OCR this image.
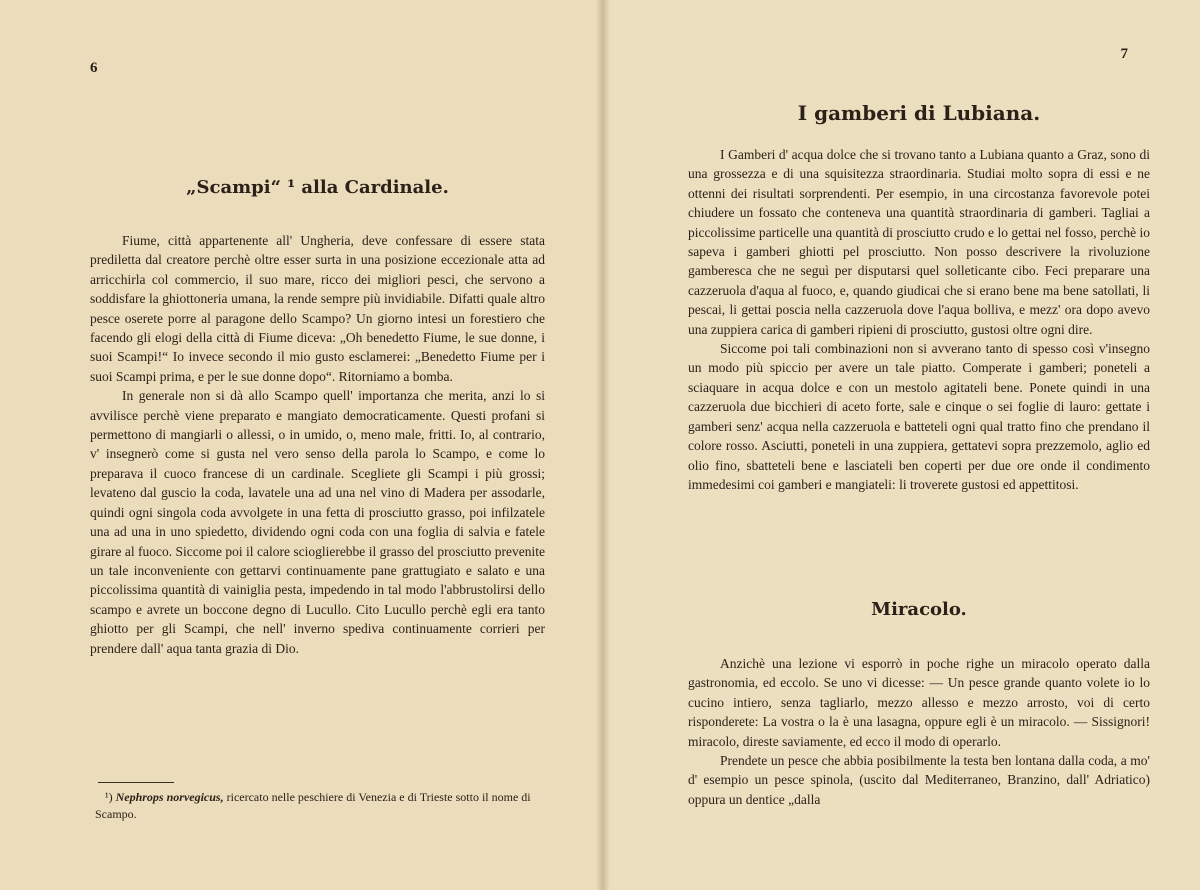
6
„Scampi“ ¹ alla Cardinale.

Fiume, città appartenente all' Ungheria, deve confessare di essere stata prediletta dal creatore perchè oltre esser surta in una posizione eccezionale atta ad arricchirla col commercio, il suo mare, ricco dei migliori pesci, che servono a soddisfare la ghiottoneria umana, la rende sempre più invidiabile. Difatti quale altro pesce oserete porre al paragone dello Scampo? Un giorno intesi un forestiero che facendo gli elogi della città di Fiume diceva: „Oh benedetto Fiume, le sue donne, i suoi Scampi!“ Io invece secondo il mio gusto esclamerei: „Benedetto Fiume per i suoi Scampi prima, e per le sue donne dopo“. Ritorniamo a bomba.

In generale non si dà allo Scampo quell' importanza che merita, anzi lo si avvilisce perchè viene preparato e mangiato democraticamente. Questi profani si permettono di mangiarli o allessi, o in umido, o, meno male, fritti. Io, al contrario, v' insegnerò come si gusta nel vero senso della parola lo Scampo, e come lo preparava il cuoco francese di un cardinale. Scegliete gli Scampi i più grossi; levateno dal guscio la coda, lavatele una ad una nel vino di Madera per assodarle, quindi ogni singola coda avvolgete in una fetta di prosciutto grasso, poi infilzatele una ad una in uno spiedetto, dividendo ogni coda con una foglia di salvia e fatele girare al fuoco. Siccome poi il calore scioglierebbe il grasso del prosciutto prevenite un tale inconveniente con gettarvi continuamente pane grattugiato e salato e una piccolissima quantità di vainiglia pesta, impedendo in tal modo l'abbrustolirsi dello scampo e avrete un boccone degno di Lucullo. Cito Lucullo perchè egli era tanto ghiotto per gli Scampi, che nell' inverno spediva continuamente corrieri per prendere dall' aqua tanta grazia di Dio.

¹) Nephrops norvegicus, ricercato nelle peschiere di Venezia e di Trieste sotto il nome di Scampo.

7
I gamberi di Lubiana.

I Gamberi d' acqua dolce che si trovano tanto a Lubiana quanto a Graz, sono di una grossezza e di una squisitezza straordinaria. Studiai molto sopra di essi e ne ottenni dei risultati sorprendenti. Per esempio, in una circostanza favorevole potei chiudere un fossato che conteneva una quantità straordinaria di gamberi. Tagliai a piccolissime particelle una quantità di prosciutto crudo e lo gettai nel fosso, perchè io sapeva i gamberi ghiotti pel prosciutto. Non posso descrivere la rivoluzione gamberesca che ne seguì per disputarsi quel solleticante cibo. Feci preparare una cazzeruola d'aqua al fuoco, e, quando giudicai che si erano bene ma bene satollati, li pescai, li gettai poscia nella cazzeruola dove l'aqua bolliva, e mezz' ora dopo avevo una zuppiera carica di gamberi ripieni di prosciutto, gustosi oltre ogni dire.

Siccome poi tali combinazioni non si avverano tanto di spesso così v'insegno un modo più spiccio per avere un tale piatto. Comperate i gamberi; poneteli a sciaquare in acqua dolce e con un mestolo agitateli bene. Ponete quindi in una cazzeruola due bicchieri di aceto forte, sale e cinque o sei foglie di lauro: gettate i gamberi senz' acqua nella cazzeruola e batteteli ogni qual tratto fino che prendano il colore rosso. Asciutti, poneteli in una zuppiera, gettatevi sopra prezzemolo, aglio ed olio fino, sbatteteli bene e lasciateli ben coperti per due ore onde il condimento immedesimi coi gamberi e mangiateli: li troverete gustosi ed appettitosi.

Miracolo.

Anzichè una lezione vi esporrò in poche righe un miracolo operato dalla gastronomia, ed eccolo. Se uno vi dicesse: — Un pesce grande quanto volete io lo cucino intiero, senza tagliarlo, mezzo allesso e mezzo arrosto, voi di certo risponderete: La vostra o la è una lasagna, oppure egli è un miracolo. — Sissignori! miracolo, direste saviamente, ed ecco il modo di operarlo.

Prendete un pesce che abbia posibilmente la testa ben lontana dalla coda, a mo' d' esempio un pesce spinola, (uscito dal Mediterraneo, Branzino, dall' Adriatico) oppura un dentice „dalla
